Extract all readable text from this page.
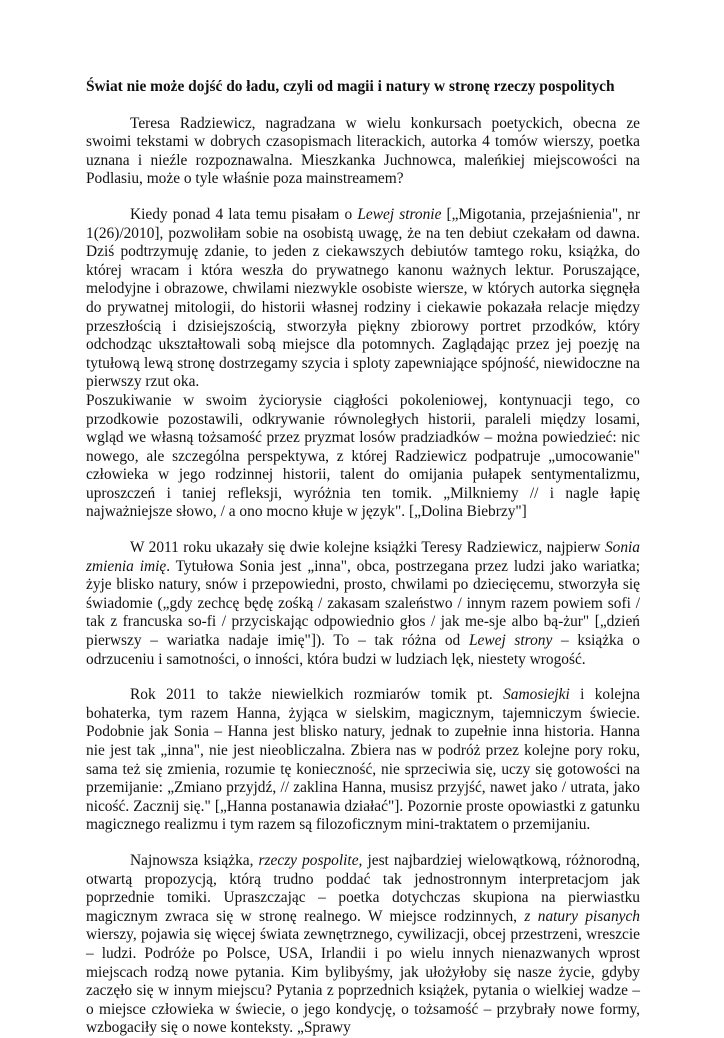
Świat nie może dojść do ładu, czyli od magii i natury w stronę rzeczy pospolitych

Teresa Radziewicz, nagradzana w wielu konkursach poetyckich, obecna ze swoimi tekstami w dobrych czasopismach literackich, autorka 4 tomów wierszy, poetka uznana i nieźle rozpoznawalna. Mieszkanka Juchnowca, maleńkiej miejscowości na Podlasiu, może o tyle właśnie poza mainstreamem?

Kiedy ponad 4 lata temu pisałam o Lewej stronie [„Migotania, przejaśnienia", nr 1(26)/2010], pozwoliłam sobie na osobistą uwagę, że na ten debiut czekałam od dawna. Dziś podtrzymuję zdanie, to jeden z ciekawszych debiutów tamtego roku, książka, do której wracam i która weszła do prywatnego kanonu ważnych lektur. Poruszające, melodyjne i obrazowe, chwilami niezwykle osobiste wiersze, w których autorka sięgnęła do prywatnej mitologii, do historii własnej rodziny i ciekawie pokazała relacje między przeszłością i dzisiejszością, stworzyła piękny zbiorowy portret przodków, który odchodząc ukształtowali sobą miejsce dla potomnych. Zaglądając przez jej poezję na tytułową lewą stronę dostrzegamy szycia i sploty zapewniające spójność, niewidoczne na pierwszy rzut oka.

Poszukiwanie w swoim życiorysie ciągłości pokoleniowej, kontynuacji tego, co przodkowie pozostawili, odkrywanie równoległych historii, paraleli między losami, wgląd we własną tożsamość przez pryzmat losów pradziadków – można powiedzieć: nic nowego, ale szczególna perspektywa, z której Radziewicz podpatruje „umocowanie" człowieka w jego rodzinnej historii, talent do omijania pułapek sentymentalizmu, uproszczeń i taniej refleksji, wyróżnia ten tomik. „Milkniemy // i nagle łapię najważniejsze słowo, / a ono mocno kłuje w język". [„Dolina Biebrzy"]

W 2011 roku ukazały się dwie kolejne książki Teresy Radziewicz, najpierw Sonia zmienia imię. Tytułowa Sonia jest „inna", obca, postrzegana przez ludzi jako wariatka; żyje blisko natury, snów i przepowiedni, prosto, chwilami po dziecięcemu, stworzyła się świadomie („gdy zechcę będę zośką / zakasam szaleństwo / innym razem powiem sofi / tak z francuska so-fi / przyciskając odpowiednio głos / jak me-sje albo bą-żur" [„dzień pierwszy – wariatka nadaje imię"]). To – tak różna od Lewej strony – książka o odrzuceniu i samotności, o inności, która budzi w ludziach lęk, niestety wrogość.

Rok 2011 to także niewielkich rozmiarów tomik pt. Samosiejki i kolejna bohaterka, tym razem Hanna, żyjąca w sielskim, magicznym, tajemniczym świecie. Podobnie jak Sonia – Hanna jest blisko natury, jednak to zupełnie inna historia. Hanna nie jest tak „inna", nie jest nieobliczalna. Zbiera nas w podróż przez kolejne pory roku, sama też się zmienia, rozumie tę konieczność, nie sprzeciwia się, uczy się gotowości na przemijanie: „Zmiano przyjdź, // zaklina Hanna, musisz przyjść, nawet jako / utrata, jako nicość. Zacznij się." [„Hanna postanawia działać"]. Pozornie proste opowiastki z gatunku magicznego realizmu i tym razem są filozoficznym mini-traktatem o przemijaniu.

Najnowsza książka, rzeczy pospolite, jest najbardziej wielowątkową, różnorodną, otwartą propozycją, którą trudno poddać tak jednostronnym interpretacjom jak poprzednie tomiki. Upraszczając – poetka dotychczas skupiona na pierwiastku magicznym zwraca się w stronę realnego. W miejsce rodzinnych, z natury pisanych wierszy, pojawia się więcej świata zewnętrznego, cywilizacji, obcej przestrzeni, wreszcie – ludzi. Podróże po Polsce, USA, Irlandii i po wielu innych nienazwanych wprost miejscach rodzą nowe pytania. Kim bylibyśmy, jak ułożyłoby się nasze życie, gdyby zaczęło się w innym miejscu? Pytania z poprzednich książek, pytania o wielkiej wadze – o miejsce człowieka w świecie, o jego kondycję, o tożsamość – przybrały nowe formy, wzbogaciły się o nowe konteksty. „Sprawy
